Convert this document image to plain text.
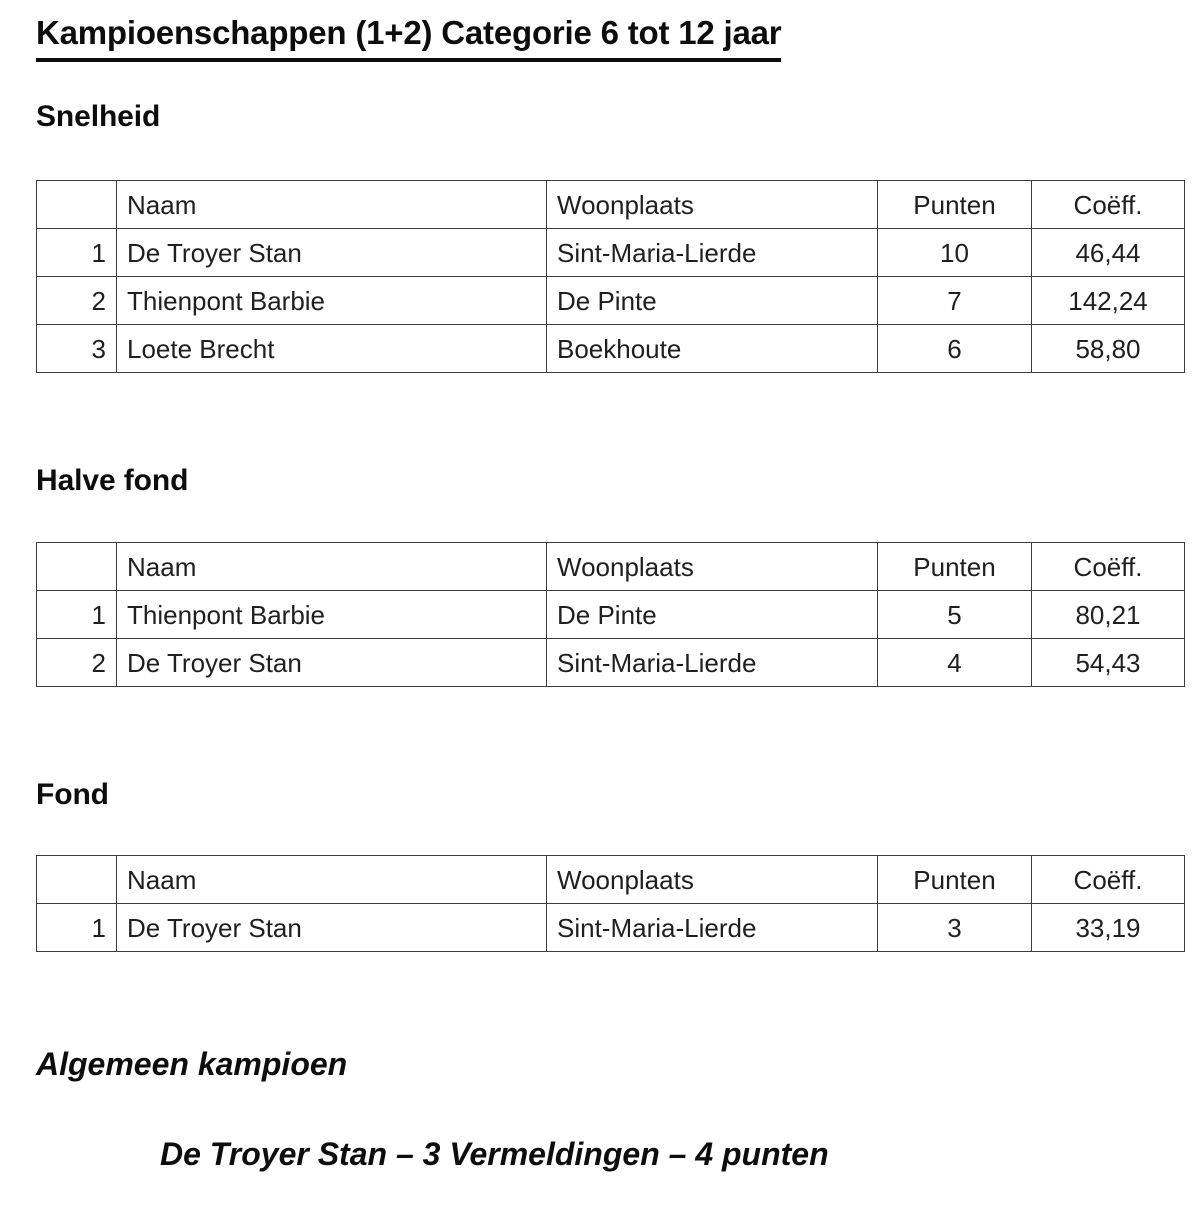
Kampioenschappen (1+2) Categorie 6 tot 12 jaar
Snelheid
	Naam	Woonplaats	Punten	Coëff.
1	De Troyer Stan	Sint-Maria-Lierde	10	46,44
2	Thienpont Barbie	De Pinte	7	142,24
3	Loete Brecht	Boekhoute	6	58,80
Halve fond
	Naam	Woonplaats	Punten	Coëff.
1	Thienpont Barbie	De Pinte	5	80,21
2	De Troyer Stan	Sint-Maria-Lierde	4	54,43
Fond
	Naam	Woonplaats	Punten	Coëff.
1	De Troyer Stan	Sint-Maria-Lierde	3	33,19
Algemeen kampioen
De Troyer Stan – 3 Vermeldingen – 4 punten
